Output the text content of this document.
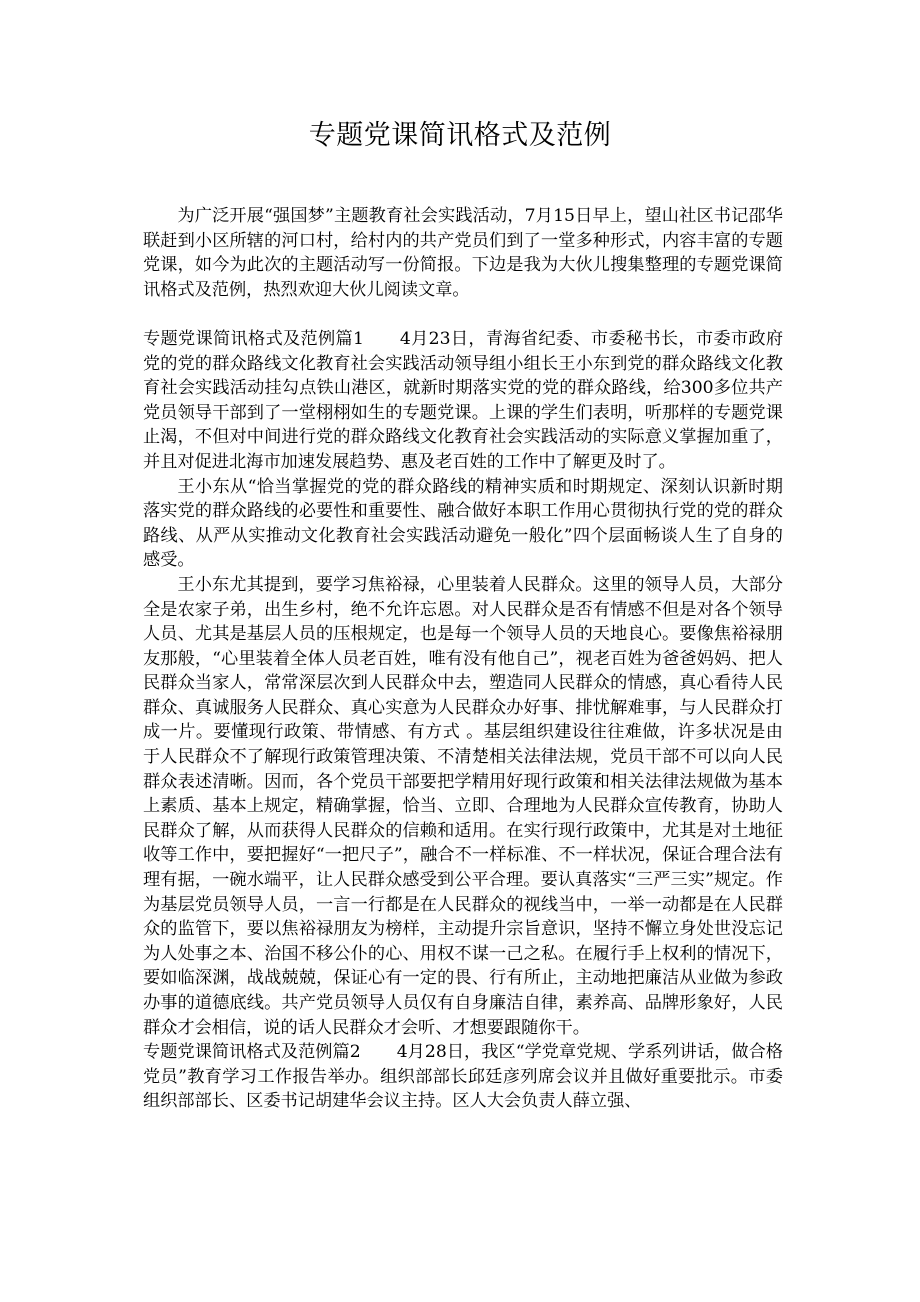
专题党课简讯格式及范例

为广泛开展“强国梦”主题教育社会实践活动，7月15日早上，望山社区书记邵华联赶到小区所辖的河口村，给村内的共产党员们到了一堂多种形式，内容丰富的专题党课，如今为此次的主题活动写一份简报。下边是我为大伙儿搜集整理的专题党课简讯格式及范例，热烈欢迎大伙儿阅读文章。

专题党课简讯格式及范例篇1 4月23日，青海省纪委、市委秘书长，市委市政府党的党的群众路线文化教育社会实践活动领导组小组长王小东到党的群众路线文化教育社会实践活动挂勾点铁山港区，就新时期落实党的党的群众路线，给300多位共产党员领导干部到了一堂栩栩如生的专题党课。上课的学生们表明，听那样的专题党课止渴，不但对中间进行党的群众路线文化教育社会实践活动的实际意义掌握加重了，并且对促进北海市加速发展趋势、惠及老百姓的工作中了解更及时了。

王小东从“恰当掌握党的党的群众路线的精神实质和时期规定、深刻认识新时期落实党的群众路线的必要性和重要性、融合做好本职工作用心贯彻执行党的党的群众路线、从严从实推动文化教育社会实践活动避免一般化”四个层面畅谈人生了自身的感受。

王小东尤其提到，要学习焦裕禄，心里装着人民群众。这里的领导人员，大部分全是农家子弟，出生乡村，绝不允许忘恩。对人民群众是否有情感不但是对各个领导人员、尤其是基层人员的压根规定，也是每一个领导人员的天地良心。要像焦裕禄朋友那般，“心里装着全体人员老百姓，唯有没有他自己”，视老百姓为爸爸妈妈、把人民群众当家人，常常深层次到人民群众中去，塑造同人民群众的情感，真心看待人民群众、真诚服务人民群众、真心实意为人民群众办好事、排忧解难事，与人民群众打成一片。要懂现行政策、带情感、有方式 。基层组织建设往往难做，许多状况是由于人民群众不了解现行政策管理决策、不清楚相关法律法规，党员干部不可以向人民群众表述清晰。因而，各个党员干部要把学精用好现行政策和相关法律法规做为基本上素质、基本上规定，精确掌握，恰当、立即、合理地为人民群众宣传教育，协助人民群众了解，从而获得人民群众的信赖和适用。在实行现行政策中，尤其是对土地征收等工作中，要把握好“一把尺子”，融合不一样标准、不一样状况，保证合理合法有理有据，一碗水端平，让人民群众感受到公平合理。要认真落实“三严三实”规定。作为基层党员领导人员，一言一行都是在人民群众的视线当中，一举一动都是在人民群众的监管下，要以焦裕禄朋友为榜样，主动提升宗旨意识，坚持不懈立身处世没忘记为人处事之本、治国不移公仆的心、用权不谋一己之私。在履行手上权利的情况下，要如临深渊，战战兢兢，保证心有一定的畏、行有所止，主动地把廉洁从业做为参政办事的道德底线。共产党员领导人员仅有自身廉洁自律，素养高、品牌形象好，人民群众才会相信，说的话人民群众才会听、才想要跟随你干。

专题党课简讯格式及范例篇2 4月28日，我区“学党章党规、学系列讲话，做合格党员”教育学习工作报告举办。组织部部长邱廷彦列席会议并且做好重要批示。市委组织部部长、区委书记胡建华会议主持。区人大会负责人薛立强、
